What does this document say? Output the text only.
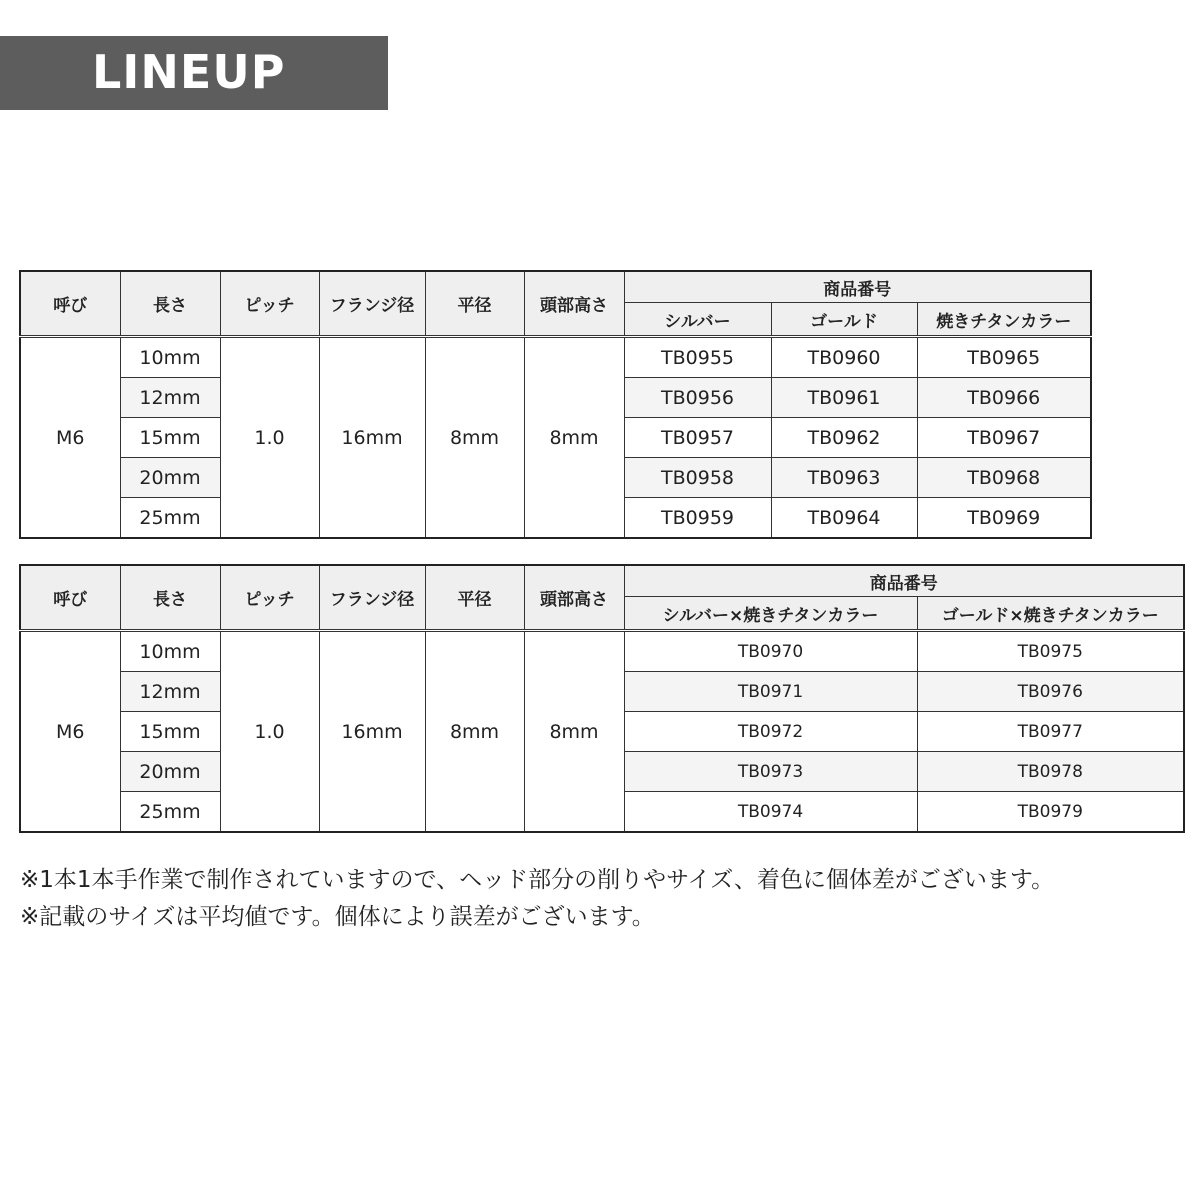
LINEUP
呼び	長さ	ピッチ	フランジ径	平径	頭部高さ	商品番号		
						シルバー	ゴールド	焼きチタンカラー
M6	10mm	1.0	16mm	8mm	8mm	TB0955	TB0960	TB0965
	12mm					TB0956	TB0961	TB0966
	15mm					TB0957	TB0962	TB0967
	20mm					TB0958	TB0963	TB0968
	25mm					TB0959	TB0964	TB0969
呼び	長さ	ピッチ	フランジ径	平径	頭部高さ	商品番号	
						シルバー×焼きチタンカラー	ゴールド×焼きチタンカラー
M6	10mm	1.0	16mm	8mm	8mm	TB0970	TB0975
	12mm					TB0971	TB0976
	15mm					TB0972	TB0977
	20mm					TB0973	TB0978
	25mm					TB0974	TB0979
※1本1本手作業で制作されていますので、ヘッド部分の削りやサイズ、着色に個体差がございます。
※記載のサイズは平均値です。個体により誤差がございます。
